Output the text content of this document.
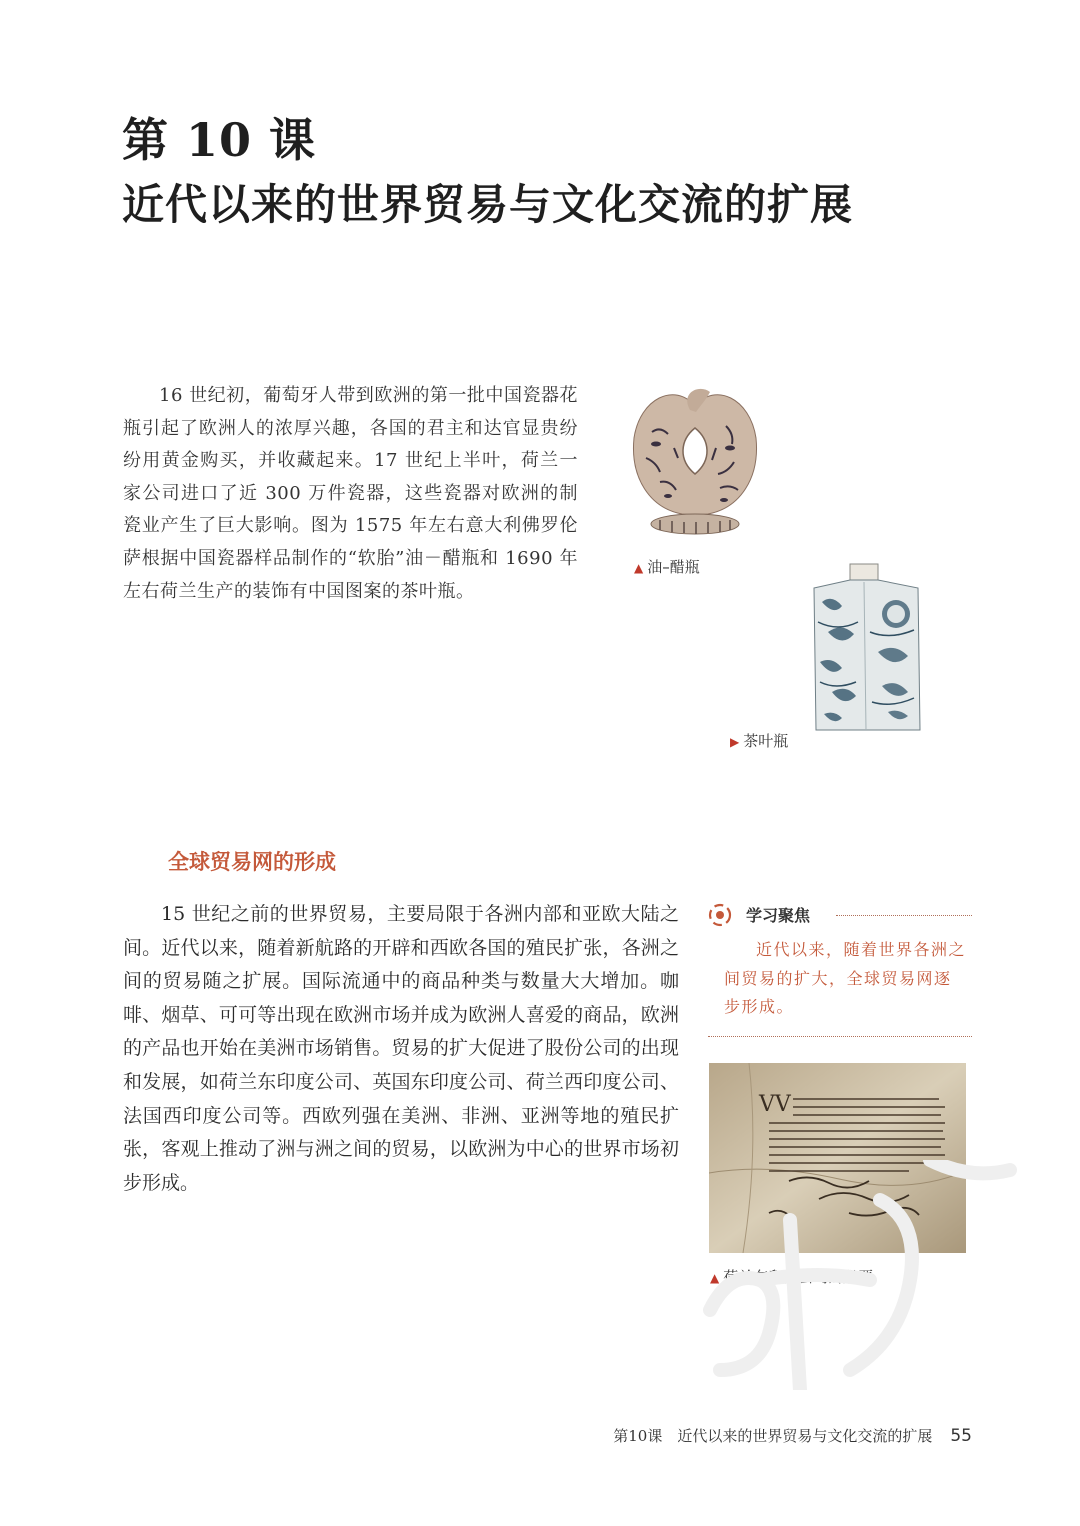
第 10 课
近代以来的世界贸易与文化交流的扩展

16 世纪初，葡萄牙人带到欧洲的第一批中国瓷器花瓶引起了欧洲人的浓厚兴趣，各国的君主和达官显贵纷纷用黄金购买，并收藏起来。17 世纪上半叶，荷兰一家公司进口了近 300 万件瓷器，这些瓷器对欧洲的制瓷业产生了巨大影响。图为 1575 年左右意大利佛罗伦萨根据中国瓷器样品制作的“软胎”油－醋瓶和 1690 年左右荷兰生产的装饰有中国图案的茶叶瓶。

▲ 油–醋瓶
▶ 茶叶瓶
全球贸易网的形成

15 世纪之前的世界贸易，主要局限于各洲内部和亚欧大陆之间。近代以来，随着新航路的开辟和西欧各国的殖民扩张，各洲之间的贸易随之扩展。国际流通中的商品种类与数量大大增加。咖啡、烟草、可可等出现在欧洲市场并成为欧洲人喜爱的商品，欧洲的产品也开始在美洲市场销售。贸易的扩大促进了股份公司的出现和发展，如荷兰东印度公司、英国东印度公司、荷兰西印度公司、法国西印度公司等。西欧列强在美洲、非洲、亚洲等地的殖民扩张，客观上推动了洲与洲之间的贸易，以欧洲为中心的世界市场初步形成。

学习聚焦
近代以来，随着世界各洲之间贸易的扩大，全球贸易网逐步形成。
VV
▲ 荷兰东印度公司的股票
第10课　近代以来的世界贸易与文化交流的扩展 55
